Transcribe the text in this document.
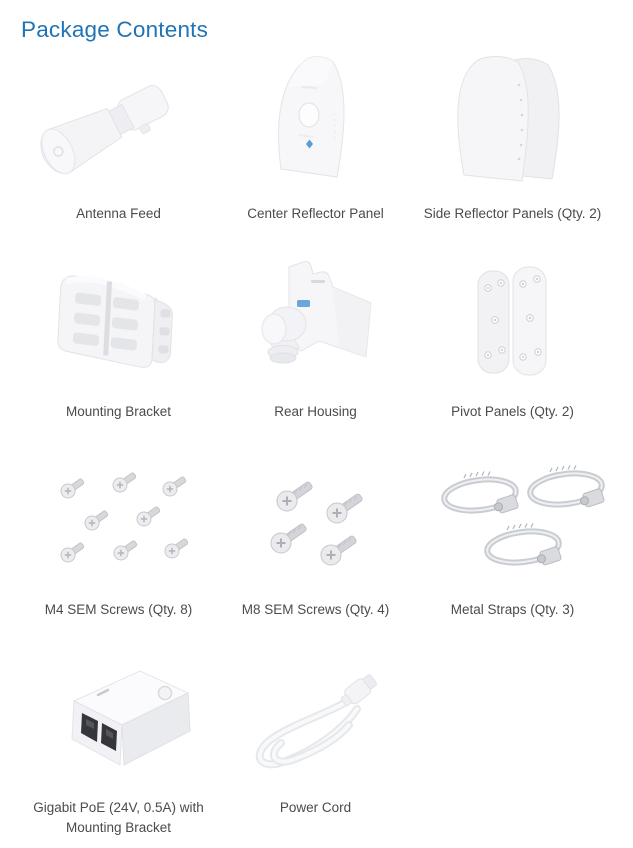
Package Contents
Antenna Feed	Center Reflector Panel	Side Reflector Panels (Qty. 2)
Mounting Bracket	Rear Housing	Pivot Panels (Qty. 2)
M4 SEM Screws (Qty. 8)	M8 SEM Screws (Qty. 4)	Metal Straps (Qty. 3)
Gigabit PoE (24V, 0.5A) with Mounting Bracket
Power Cord
